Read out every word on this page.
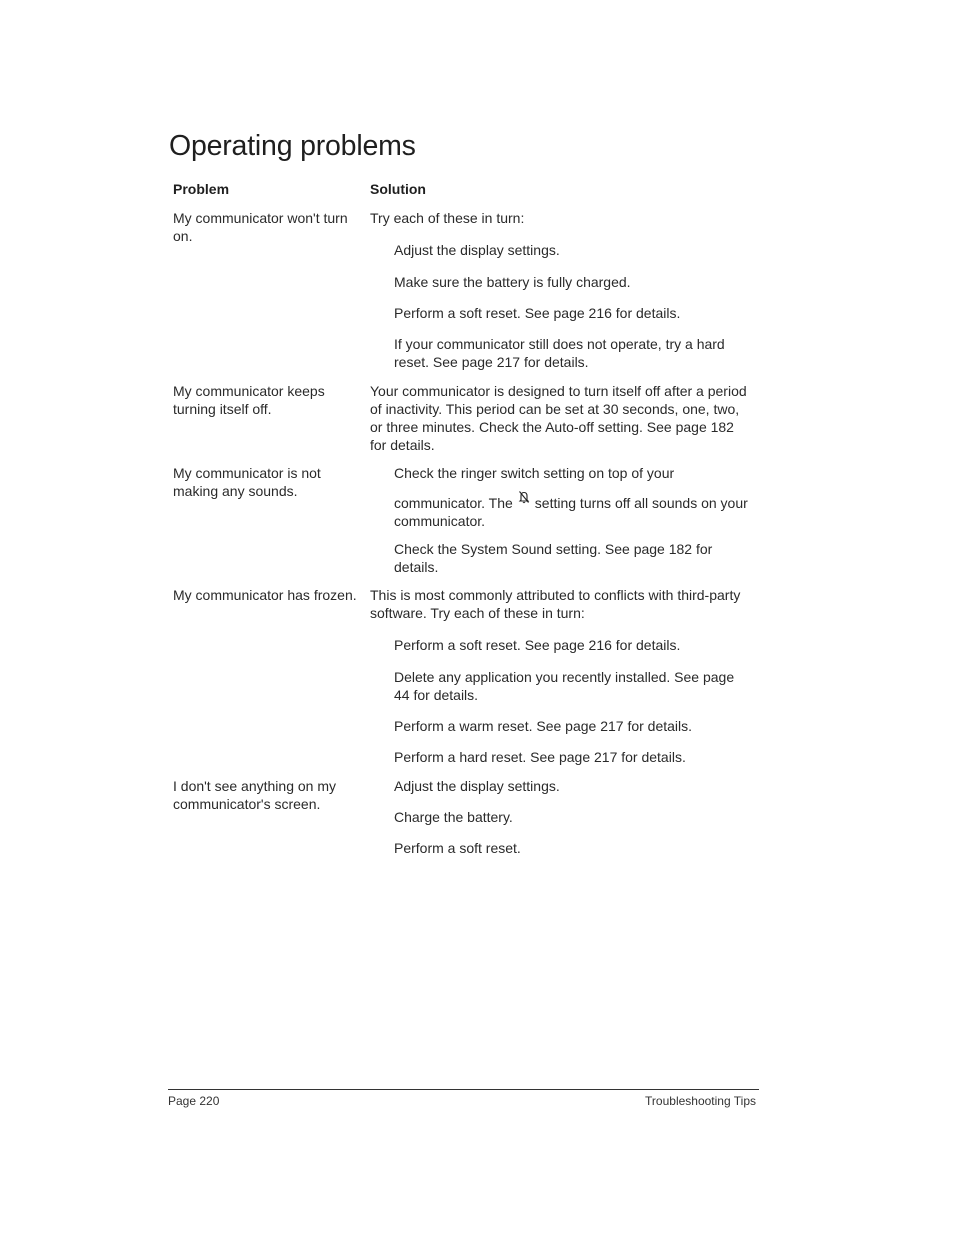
Operating problems
Problem	Solution
My communicator won't turn on.
Try each of these in turn:
Adjust the display settings.
Make sure the battery is fully charged.
Perform a soft reset. See page 216 for details.
If your communicator still does not operate, try a hard reset. See page 217 for details.
My communicator keeps turning itself off.
Your communicator is designed to turn itself off after a period of inactivity. This period can be set at 30 seconds, one, two, or three minutes. Check the Auto-off setting. See page 182 for details.
My communicator is not making any sounds.
Check the ringer switch setting on top of your
communicator. The setting turns off all sounds on your communicator.
Check the System Sound setting. See page 182 for details.
My communicator has frozen. This is most commonly attributed to conflicts with third-party software. Try each of these in turn:
Perform a soft reset. See page 216 for details.
Delete any application you recently installed. See page 44 for details.
Perform a warm reset. See page 217 for details.
Perform a hard reset. See page 217 for details.
I don't see anything on my communicator's screen.
Adjust the display settings.
Charge the battery.
Perform a soft reset.
Page 220	Troubleshooting Tips
